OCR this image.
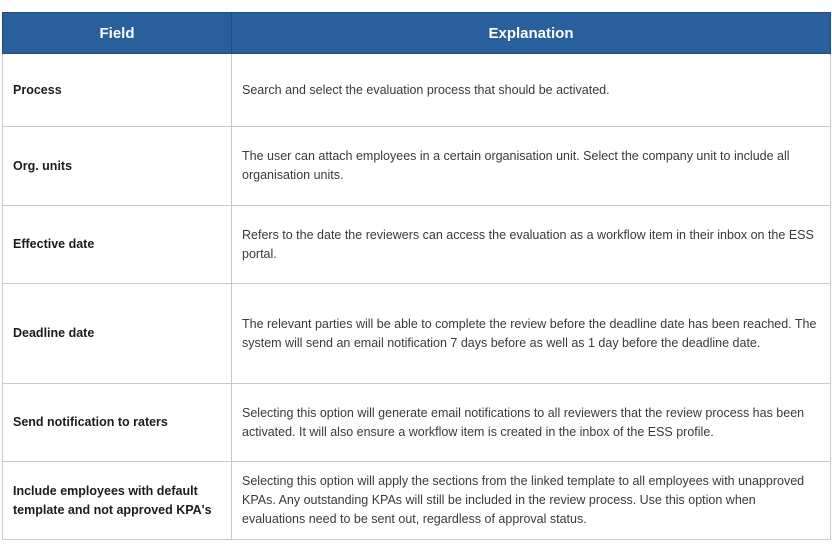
Field	Explanation
Process	Search and select the evaluation process that should be activated.
Org. units	The user can attach employees in a certain organisation unit. Select the company unit to include all organisation units.
Effective date	Refers to the date the reviewers can access the evaluation as a workflow item in their inbox on the ESS portal.
Deadline date	The relevant parties will be able to complete the review before the deadline date has been reached. The system will send an email notification 7 days before as well as 1 day before the deadline date.
Send notification to raters	Selecting this option will generate email notifications to all reviewers that the review process has been activated. It will also ensure a workflow item is created in the inbox of the ESS profile.
Include employees with default template and not approved KPA's	Selecting this option will apply the sections from the linked template to all employees with unapproved KPAs. Any outstanding KPAs will still be included in the review process. Use this option when evaluations need to be sent out, regardless of approval status.
